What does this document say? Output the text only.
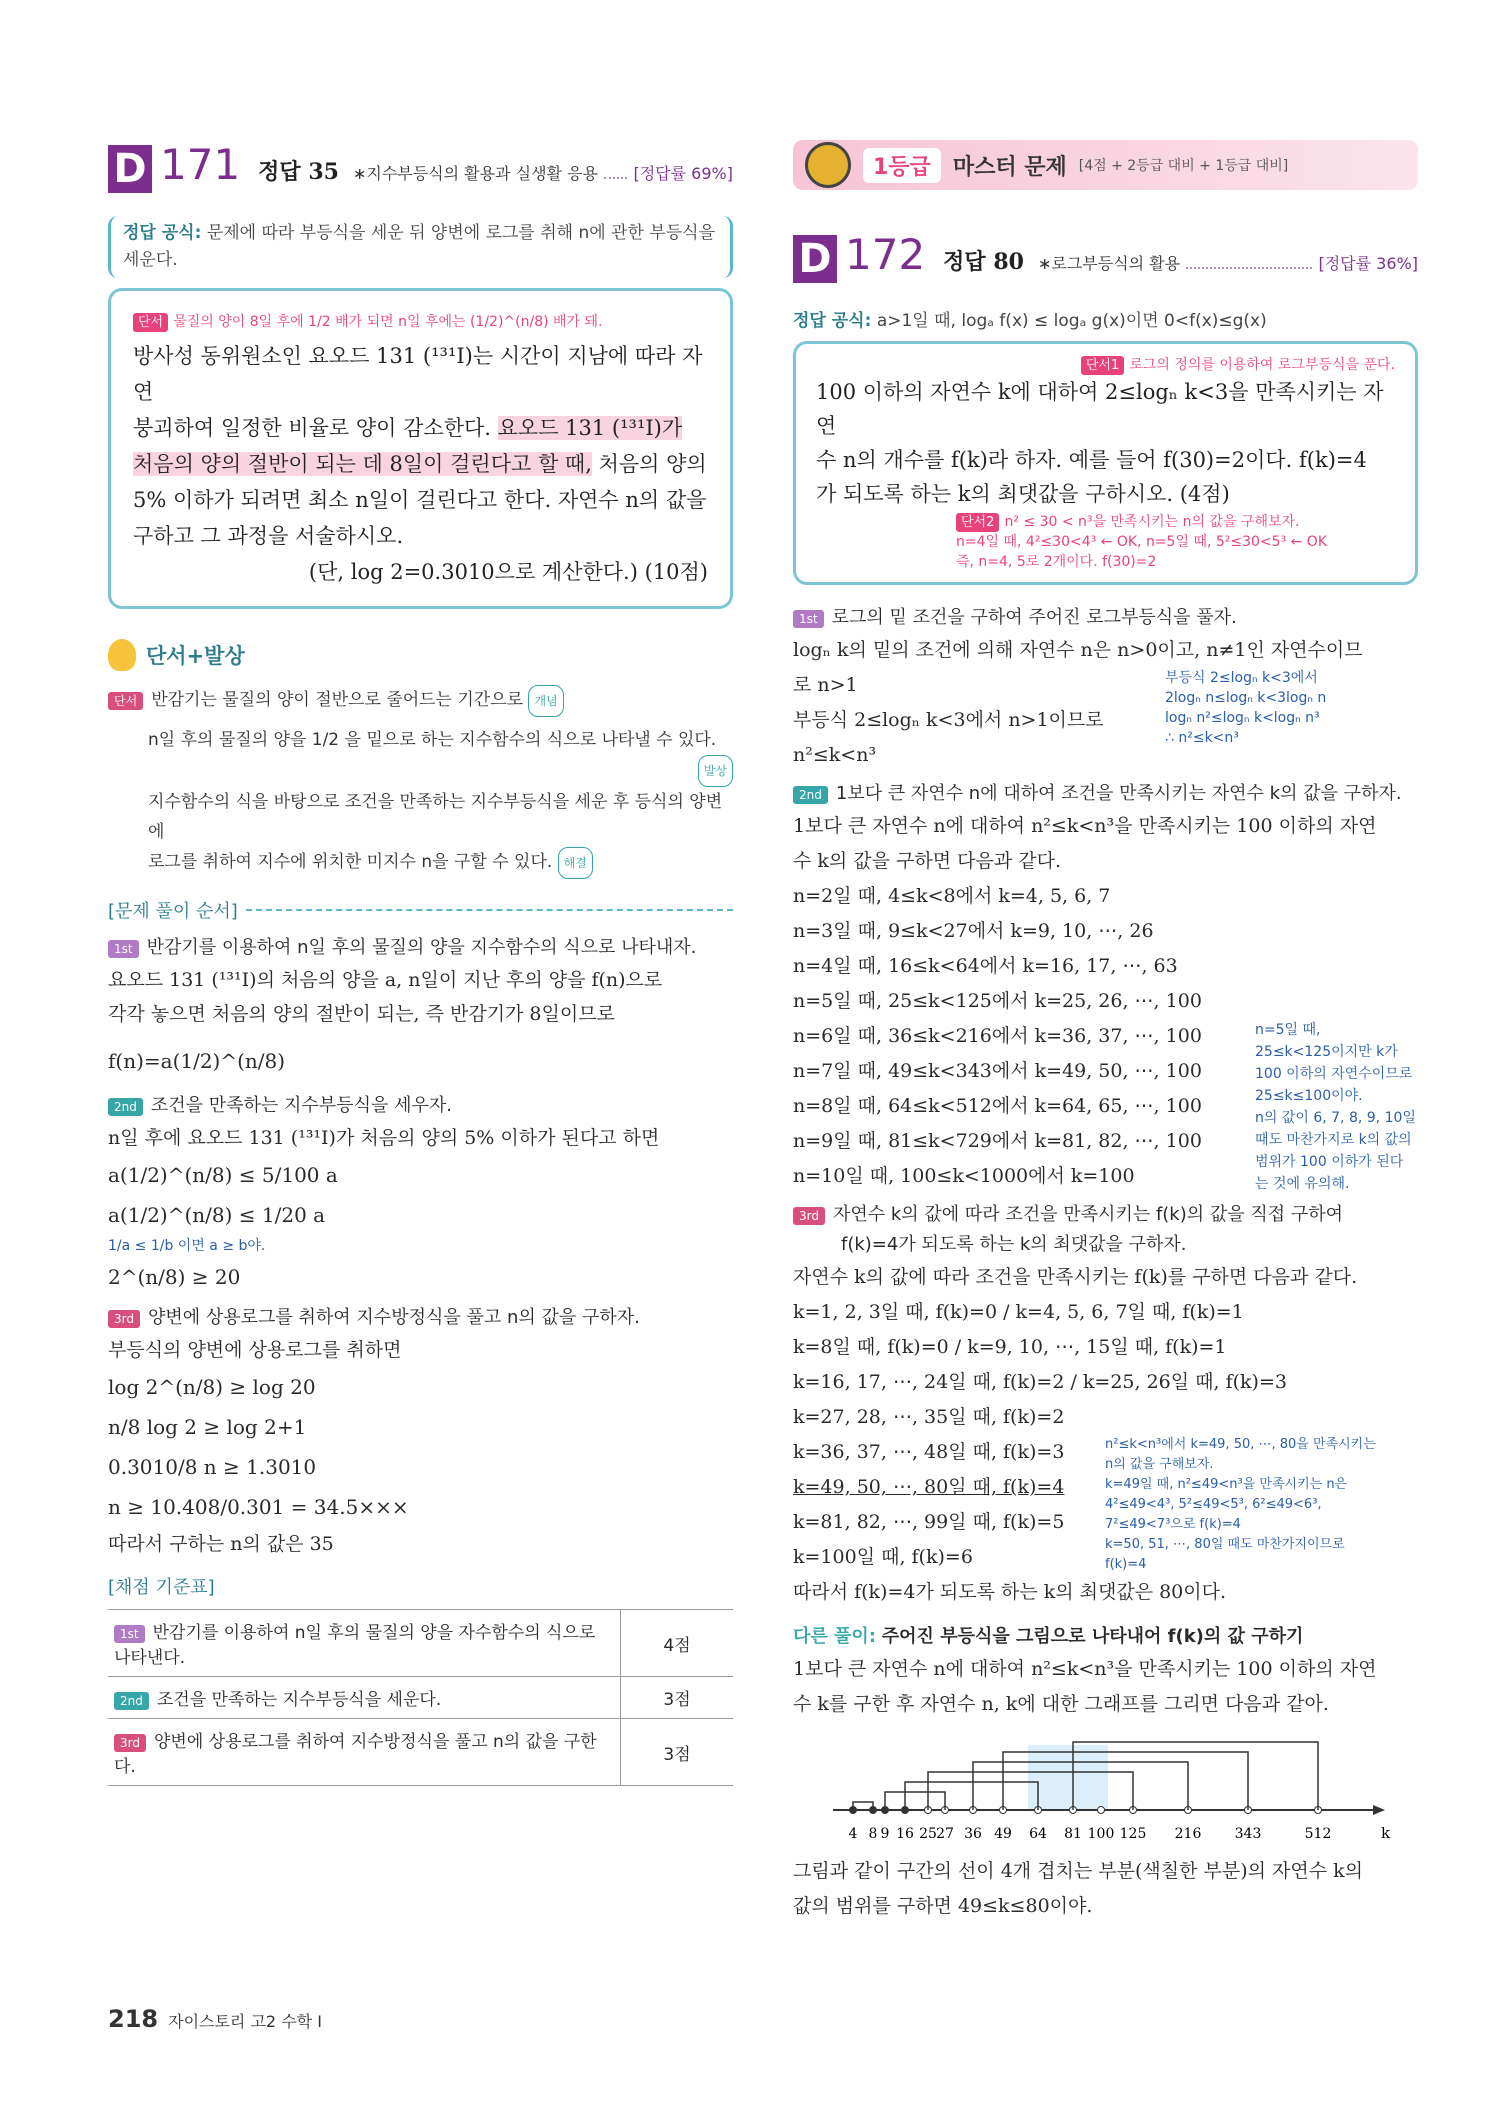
D 171 정답 35 ∗지수부등식의 활용과 실생활 응용 [정답률 69%]
정답 공식: 문제에 따라 부등식을 세운 뒤 양변에 로그를 취해 n에 관한 부등식을 세운다.
단서 물질의 양이 8일 후에 1/2 배가 되면 n일 후에는 (1/2)^(n/8) 배가 돼.
방사성 동위원소인 요오드 131 (¹³¹I)는 시간이 지남에 따라 자연
붕괴하여 일정한 비율로 양이 감소한다. 요오드 131 (¹³¹I)가
처음의 양의 절반이 되는 데 8일이 걸린다고 할 때, 처음의 양의
5% 이하가 되려면 최소 n일이 걸린다고 한다. 자연수 n의 값을
구하고 그 과정을 서술하시오.
(단, log 2=0.3010으로 계산한다.) (10점)
단서+발상
단서 반감기는 물질의 양이 절반으로 줄어드는 기간으로 개념
n일 후의 물질의 양을 1/2 을 밑으로 하는 지수함수의 식으로 나타낼 수 있다.
발상
지수함수의 식을 바탕으로 조건을 만족하는 지수부등식을 세운 후 등식의 양변에
로그를 취하여 지수에 위치한 미지수 n을 구할 수 있다. 해결
[문제 풀이 순서]
1st 반감기를 이용하여 n일 후의 물질의 양을 지수함수의 식으로 나타내자.
요오드 131 (¹³¹I)의 처음의 양을 a, n일이 지난 후의 양을 f(n)으로
각각 놓으면 처음의 양의 절반이 되는, 즉 반감기가 8일이므로
f(n)=a(1/2)^(n/8)
2nd 조건을 만족하는 지수부등식을 세우자.
n일 후에 요오드 131 (¹³¹I)가 처음의 양의 5% 이하가 된다고 하면
a(1/2)^(n/8) ≤ 5/100 a
a(1/2)^(n/8) ≤ 1/20 a
1/a ≤ 1/b 이면 a ≥ b야.
2^(n/8) ≥ 20
3rd 양변에 상용로그를 취하여 지수방정식을 풀고 n의 값을 구하자.
부등식의 양변에 상용로그를 취하면
log 2^(n/8) ≥ log 20
n/8 log 2 ≥ log 2+1
0.3010/8 n ≥ 1.3010
n ≥ 10.408/0.301 = 34.5×××
따라서 구하는 n의 값은 35
[채점 기준표]
1st 반감기를 이용하여 n일 후의 물질의 양을 자수함수의 식으로 나타낸다.	4점
2nd 조건을 만족하는 지수부등식을 세운다.	3점
3rd 양변에 상용로그를 취하여 지수방정식을 풀고 n의 값을 구한다.	3점
1등급	마스터 문제 [4점 + 2등급 대비 + 1등급 대비]
D 172 정답 80 ∗로그부등식의 활용	[정답률 36%]
정답 공식: a>1일 때, logₐ f(x) ≤ logₐ g(x)이면 0<f(x)≤g(x)
단서1 로그의 정의를 이용하여 로그부등식을 푼다.
100 이하의 자연수 k에 대하여 2≤logₙ k<3을 만족시키는 자연
수 n의 개수를 f(k)라 하자. 예를 들어 f(30)=2이다. f(k)=4
가 되도록 하는 k의 최댓값을 구하시오. (4점)
단서2 n² ≤ 30 < n³을 만족시키는 n의 값을 구해보자.
n=4일 때, 4²≤30<4³ ← OK, n=5일 때, 5²≤30<5³ ← OK
즉, n=4, 5로 2개이다. f(30)=2
1st 로그의 밑 조건을 구하여 주어진 로그부등식을 풀자.
logₙ k의 밑의 조건에 의해 자연수 n은 n>0이고, n≠1인 자연수이므
로 n>1
부등식 2≤logₙ k<3에서 n>1이므로
n²≤k<n³
부등식 2≤logₙ k<3에서
2logₙ n≤logₙ k<3logₙ n
logₙ n²≤logₙ k<logₙ n³
∴ n²≤k<n³
2nd 1보다 큰 자연수 n에 대하여 조건을 만족시키는 자연수 k의 값을 구하자.
1보다 큰 자연수 n에 대하여 n²≤k<n³을 만족시키는 100 이하의 자연
수 k의 값을 구하면 다음과 같다.
n=2일 때, 4≤k<8에서 k=4, 5, 6, 7
n=3일 때, 9≤k<27에서 k=9, 10, ⋯, 26
n=4일 때, 16≤k<64에서 k=16, 17, ⋯, 63
n=5일 때, 25≤k<125에서 k=25, 26, ⋯, 100
n=6일 때, 36≤k<216에서 k=36, 37, ⋯, 100
n=7일 때, 49≤k<343에서 k=49, 50, ⋯, 100
n=8일 때, 64≤k<512에서 k=64, 65, ⋯, 100
n=9일 때, 81≤k<729에서 k=81, 82, ⋯, 100
n=10일 때, 100≤k<1000에서 k=100
n=5일 때,
25≤k<125이지만 k가
100 이하의 자연수이므로
25≤k≤100이야.
n의 값이 6, 7, 8, 9, 10일
때도 마찬가지로 k의 값의
범위가 100 이하가 된다
는 것에 유의해.
3rd 자연수 k의 값에 따라 조건을 만족시키는 f(k)의 값을 직접 구하여
f(k)=4가 되도록 하는 k의 최댓값을 구하자.
자연수 k의 값에 따라 조건을 만족시키는 f(k)를 구하면 다음과 같다.
k=1, 2, 3일 때, f(k)=0 / k=4, 5, 6, 7일 때, f(k)=1
k=8일 때, f(k)=0 / k=9, 10, ⋯, 15일 때, f(k)=1
k=16, 17, ⋯, 24일 때, f(k)=2 / k=25, 26일 때, f(k)=3
k=27, 28, ⋯, 35일 때, f(k)=2
k=36, 37, ⋯, 48일 때, f(k)=3
k=49, 50, ⋯, 80일 때, f(k)=4
k=81, 82, ⋯, 99일 때, f(k)=5
k=100일 때, f(k)=6
n²≤k<n³에서 k=49, 50, ⋯, 80을 만족시키는
n의 값을 구해보자.
k=49일 때, n²≤49<n³을 만족시키는 n은
4²≤49<4³, 5²≤49<5³, 6²≤49<6³,
7²≤49<7³으로 f(k)=4
k=50, 51, ⋯, 80일 때도 마찬가지이므로
f(k)=4
따라서 f(k)=4가 되도록 하는 k의 최댓값은 80이다.
다른 풀이: 주어진 부등식을 그림으로 나타내어 f(k)의 값 구하기
1보다 큰 자연수 n에 대하여 n²≤k<n³을 만족시키는 100 이하의 자연
수 k를 구한 후 자연수 n, k에 대한 그래프를 그리면 다음과 같아.
4 8 9 16 25 27 36 49 64 81 100 125 216 343	512	k
그림과 같이 구간의 선이 4개 겹치는 부분(색칠한 부분)의 자연수 k의
값의 범위를 구하면 49≤k≤80이야.
218 자이스토리 고2 수학 I
